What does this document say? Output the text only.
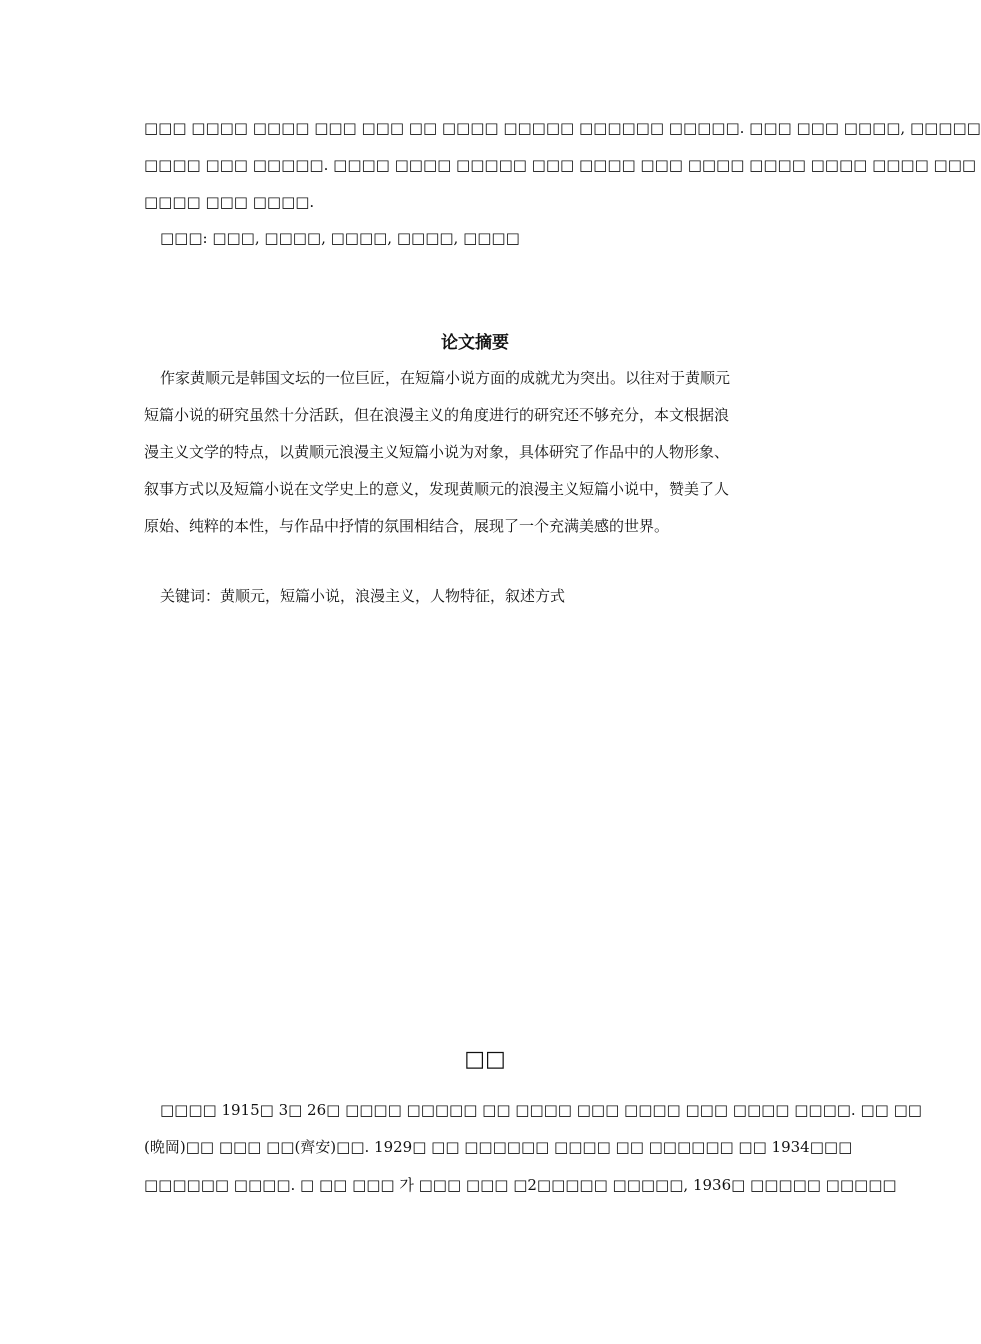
□□□ □□□□ □□□□ □□□ □□□ □□ □□□□ □□□□□ □□□□□□ □□□□□. □□□ □□□ □□□□, □□□□□
□□□□ □□□ □□□□□. □□□□ □□□□ □□□□□ □□□ □□□□ □□□ □□□□ □□□□ □□□□ □□□□ □□□
□□□□ □□□ □□□□.
□□□: □□□, □□□□, □□□□, □□□□, □□□□
论文摘要
作家黄顺元是韩国文坛的一位巨匠，在短篇小说方面的成就尤为突出。以往对于黄顺元
短篇小说的研究虽然十分活跃，但在浪漫主义的角度进行的研究还不够充分，本文根据浪
漫主义文学的特点，以黄顺元浪漫主义短篇小说为对象，具体研究了作品中的人物形象、
叙事方式以及短篇小说在文学史上的意义，发现黄顺元的浪漫主义短篇小说中，赞美了人
原始、纯粹的本性，与作品中抒情的氛围相结合，展现了一个充满美感的世界。
关键词：黄顺元，短篇小说，浪漫主义，人物特征，叙述方式
□□
□□□□ 1915□ 3□ 26□ □□□□ □□□□□ □□ □□□□ □□□ □□□□ □□□ □□□□ □□□□. □□ □□
(晩岡)□□ □□□ □□(齊安)□□. 1929□ □□ □□□□□□ □□□□ □□ □□□□□□ □□ 1934□□□
□□□□□□ □□□□. □ □□ □□□ 가 □□□ □□□ □2□□□□□ □□□□□, 1936□ □□□□□ □□□□□
